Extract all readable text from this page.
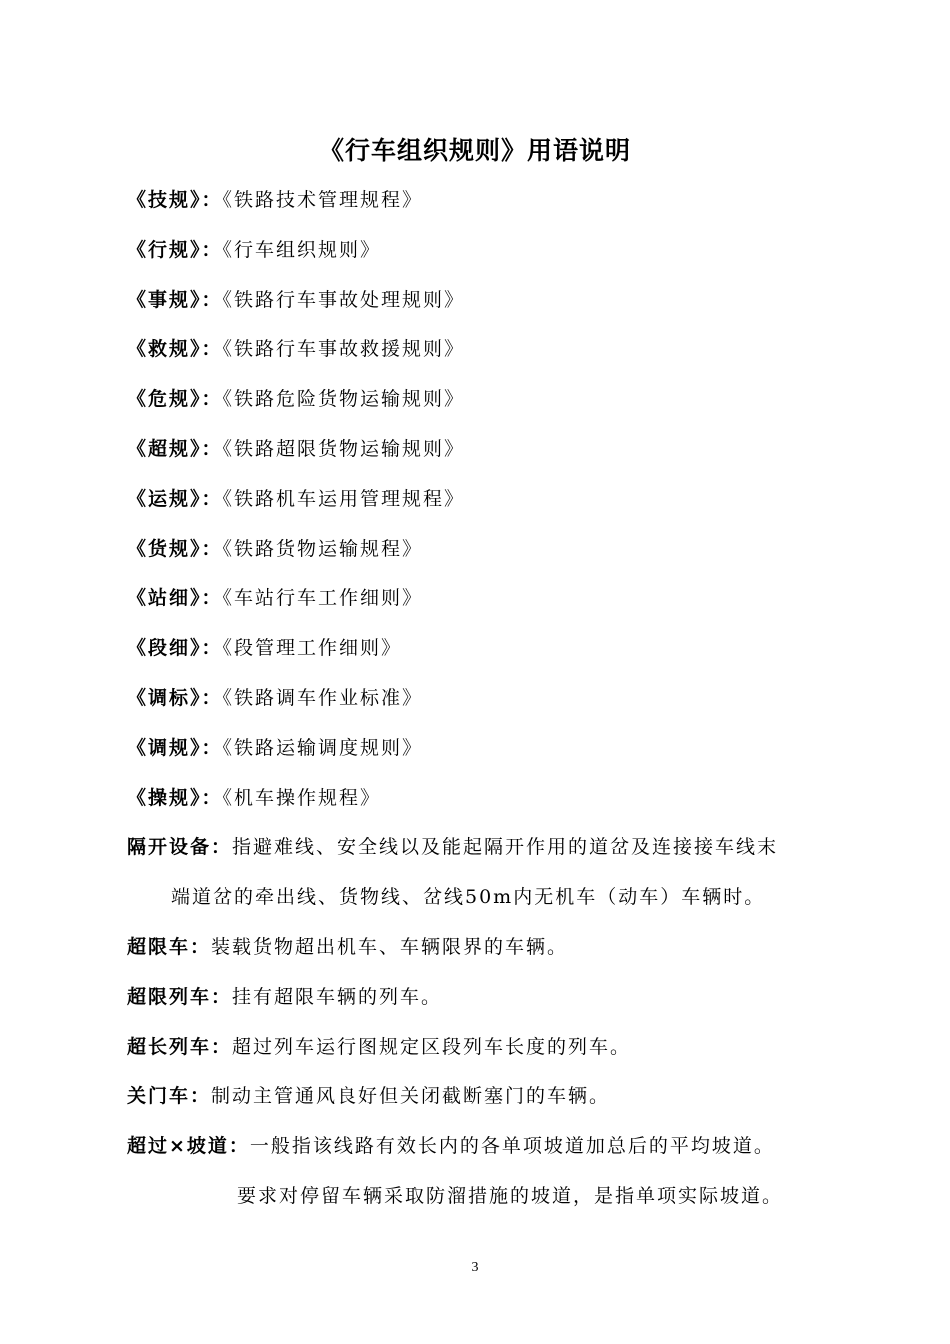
《行车组织规则》用语说明
《技规》：《铁路技术管理规程》
《行规》：《行车组织规则》
《事规》：《铁路行车事故处理规则》
《救规》：《铁路行车事故救援规则》
《危规》：《铁路危险货物运输规则》
《超规》：《铁路超限货物运输规则》
《运规》：《铁路机车运用管理规程》
《货规》：《铁路货物运输规程》
《站细》：《车站行车工作细则》
《段细》：《段管理工作细则》
《调标》：《铁路调车作业标准》
《调规》：《铁路运输调度规则》
《操规》：《机车操作规程》
隔开设备：指避难线、安全线以及能起隔开作用的道岔及连接接车线末
端道岔的牵出线、货物线、岔线50m内无机车（动车）车辆时。
超限车：装载货物超出机车、车辆限界的车辆。
超限列车：挂有超限车辆的列车。
超长列车：超过列车运行图规定区段列车长度的列车。
关门车：制动主管通风良好但关闭截断塞门的车辆。
超过×坡道：一般指该线路有效长内的各单项坡道加总后的平均坡道。
要求对停留车辆采取防溜措施的坡道，是指单项实际坡道。
3
